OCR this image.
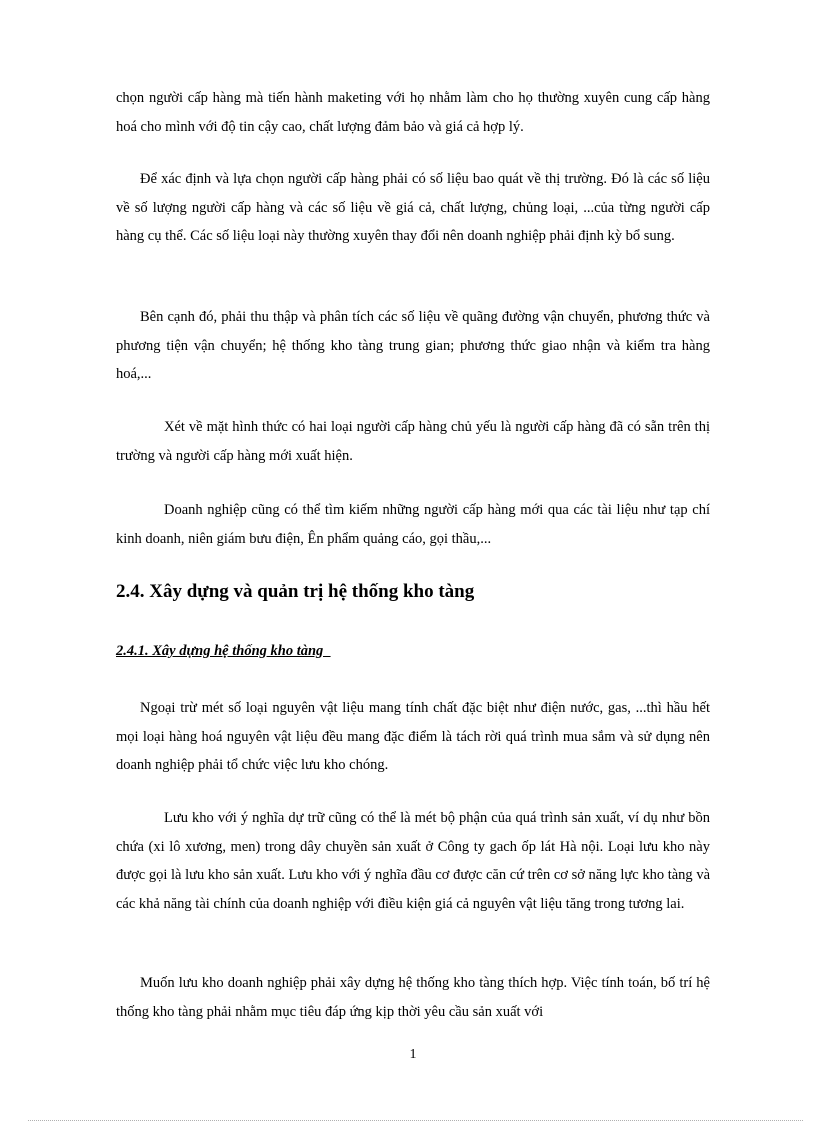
chọn người cấp hàng mà tiến hành maketing với họ nhằm làm cho họ thường xuyên cung cấp hàng hoá cho mình với độ tin cậy cao, chất lượng đảm bảo và giá cả hợp lý.

Để xác định và lựa chọn người cấp hàng phải có số liệu bao quát về thị trường. Đó là các số liệu về số lượng người cấp hàng và các số liệu về giá cả, chất lượng, chủng loại, ...của từng người cấp hàng cụ thể. Các số liệu loại này thường xuyên thay đổi nên doanh nghiệp phải định kỳ bổ sung.

Bên cạnh đó, phải thu thập và phân tích các số liệu về quãng đường vận chuyển, phương thức và phương tiện vận chuyển; hệ thống kho tàng trung gian; phương thức giao nhận và kiểm tra hàng hoá,...

Xét về mặt hình thức có hai loại người cấp hàng chủ yếu là người cấp hàng đã có sẵn trên thị trường và người cấp hàng mới xuất hiện.

Doanh nghiệp cũng có thể tìm kiếm những người cấp hàng mới qua các tài liệu như tạp chí kinh doanh, niên giám bưu điện, Ên phẩm quảng cáo, gọi thầu,...

2.4. Xây dựng và quản trị hệ thống kho tàng
2.4.1. Xây dựng hệ thống kho tàng

Ngoại trừ mét số loại nguyên vật liệu mang tính chất đặc biệt như điện nước, gas, ...thì hầu hết mọi loại hàng hoá nguyên vật liệu đều mang đặc điểm là tách rời quá trình mua sắm và sử dụng nên doanh nghiệp phải tổ chức việc lưu kho chóng.

Lưu kho với ý nghĩa dự trữ cũng có thể là mét bộ phận của quá trình sản xuất, ví dụ như bồn chứa (xi lô xương, men) trong dây chuyền sản xuất ở Công ty gach ốp lát Hà nội. Loại lưu kho này được gọi là lưu kho sản xuất. Lưu kho với ý nghĩa đầu cơ được căn cứ trên cơ sở năng lực kho tàng và các khả năng tài chính của doanh nghiệp với điều kiện giá cả nguyên vật liệu tăng trong tương lai.

Muốn lưu kho doanh nghiệp phải xây dựng hệ thống kho tàng thích hợp. Việc tính toán, bố trí hệ thống kho tàng phải nhằm mục tiêu đáp ứng kịp thời yêu cầu sản xuất với

1
